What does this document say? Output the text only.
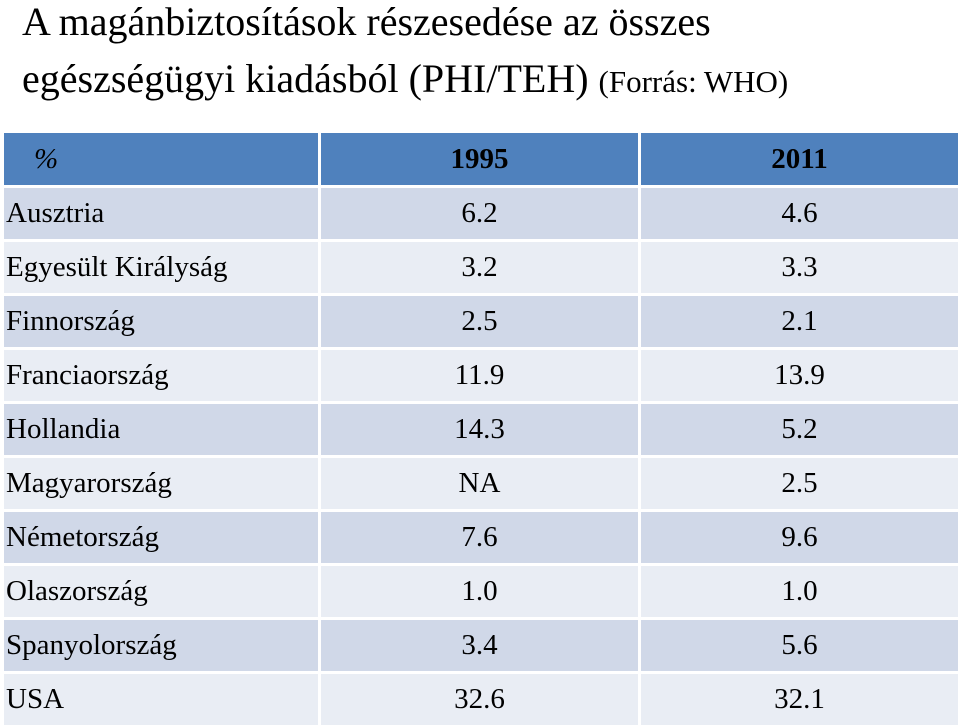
A magánbiztosítások részesedése az összes
egészségügyi kiadásból (PHI/TEH) (Forrás: WHO)
%	1995	2011
Ausztria	6.2	4.6
Egyesült Királyság	3.2	3.3
Finnország	2.5	2.1
Franciaország	11.9	13.9
Hollandia	14.3	5.2
Magyarország	NA	2.5
Németország	7.6	9.6
Olaszország	1.0	1.0
Spanyolország	3.4	5.6
USA	32.6	32.1
